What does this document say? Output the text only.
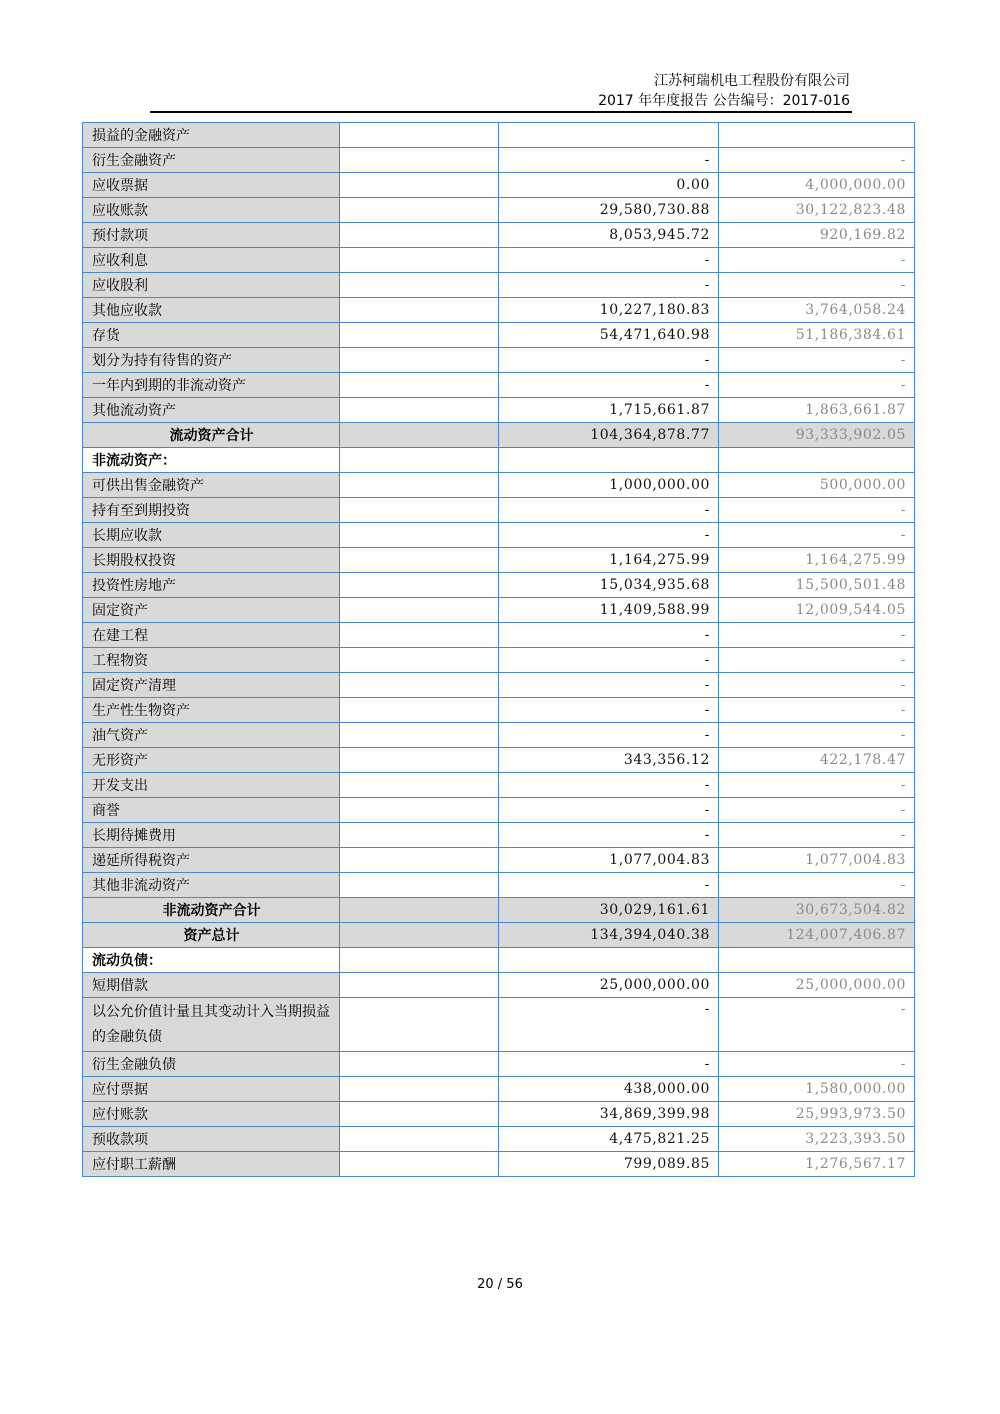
江苏柯瑞机电工程股份有限公司
2017 年年度报告 公告编号：2017-016
损益的金融资产			
衍生金融资产		-	-
应收票据		0.00	4,000,000.00
应收账款		29,580,730.88	30,122,823.48
预付款项		8,053,945.72	920,169.82
应收利息		-	-
应收股利		-	-
其他应收款		10,227,180.83	3,764,058.24
存货		54,471,640.98	51,186,384.61
划分为持有待售的资产		-	-
一年内到期的非流动资产		-	-
其他流动资产		1,715,661.87	1,863,661.87
流动资产合计		104,364,878.77	93,333,902.05
非流动资产：			
可供出售金融资产		1,000,000.00	500,000.00
持有至到期投资		-	-
长期应收款		-	-
长期股权投资		1,164,275.99	1,164,275.99
投资性房地产		15,034,935.68	15,500,501.48
固定资产		11,409,588.99	12,009,544.05
在建工程		-	-
工程物资		-	-
固定资产清理		-	-
生产性生物资产		-	-
油气资产		-	-
无形资产		343,356.12	422,178.47
开发支出		-	-
商誉		-	-
长期待摊费用		-	-
递延所得税资产		1,077,004.83	1,077,004.83
其他非流动资产		-	-
非流动资产合计		30,029,161.61	30,673,504.82
资产总计		134,394,040.38	124,007,406.87
流动负债：			
短期借款		25,000,000.00	25,000,000.00
以公允价值计量且其变动计入当期损益的金融负债		-	-
衍生金融负债		-	-
应付票据		438,000.00	1,580,000.00
应付账款		34,869,399.98	25,993,973.50
预收款项		4,475,821.25	3,223,393.50
应付职工薪酬		799,089.85	1,276,567.17
20 / 56
